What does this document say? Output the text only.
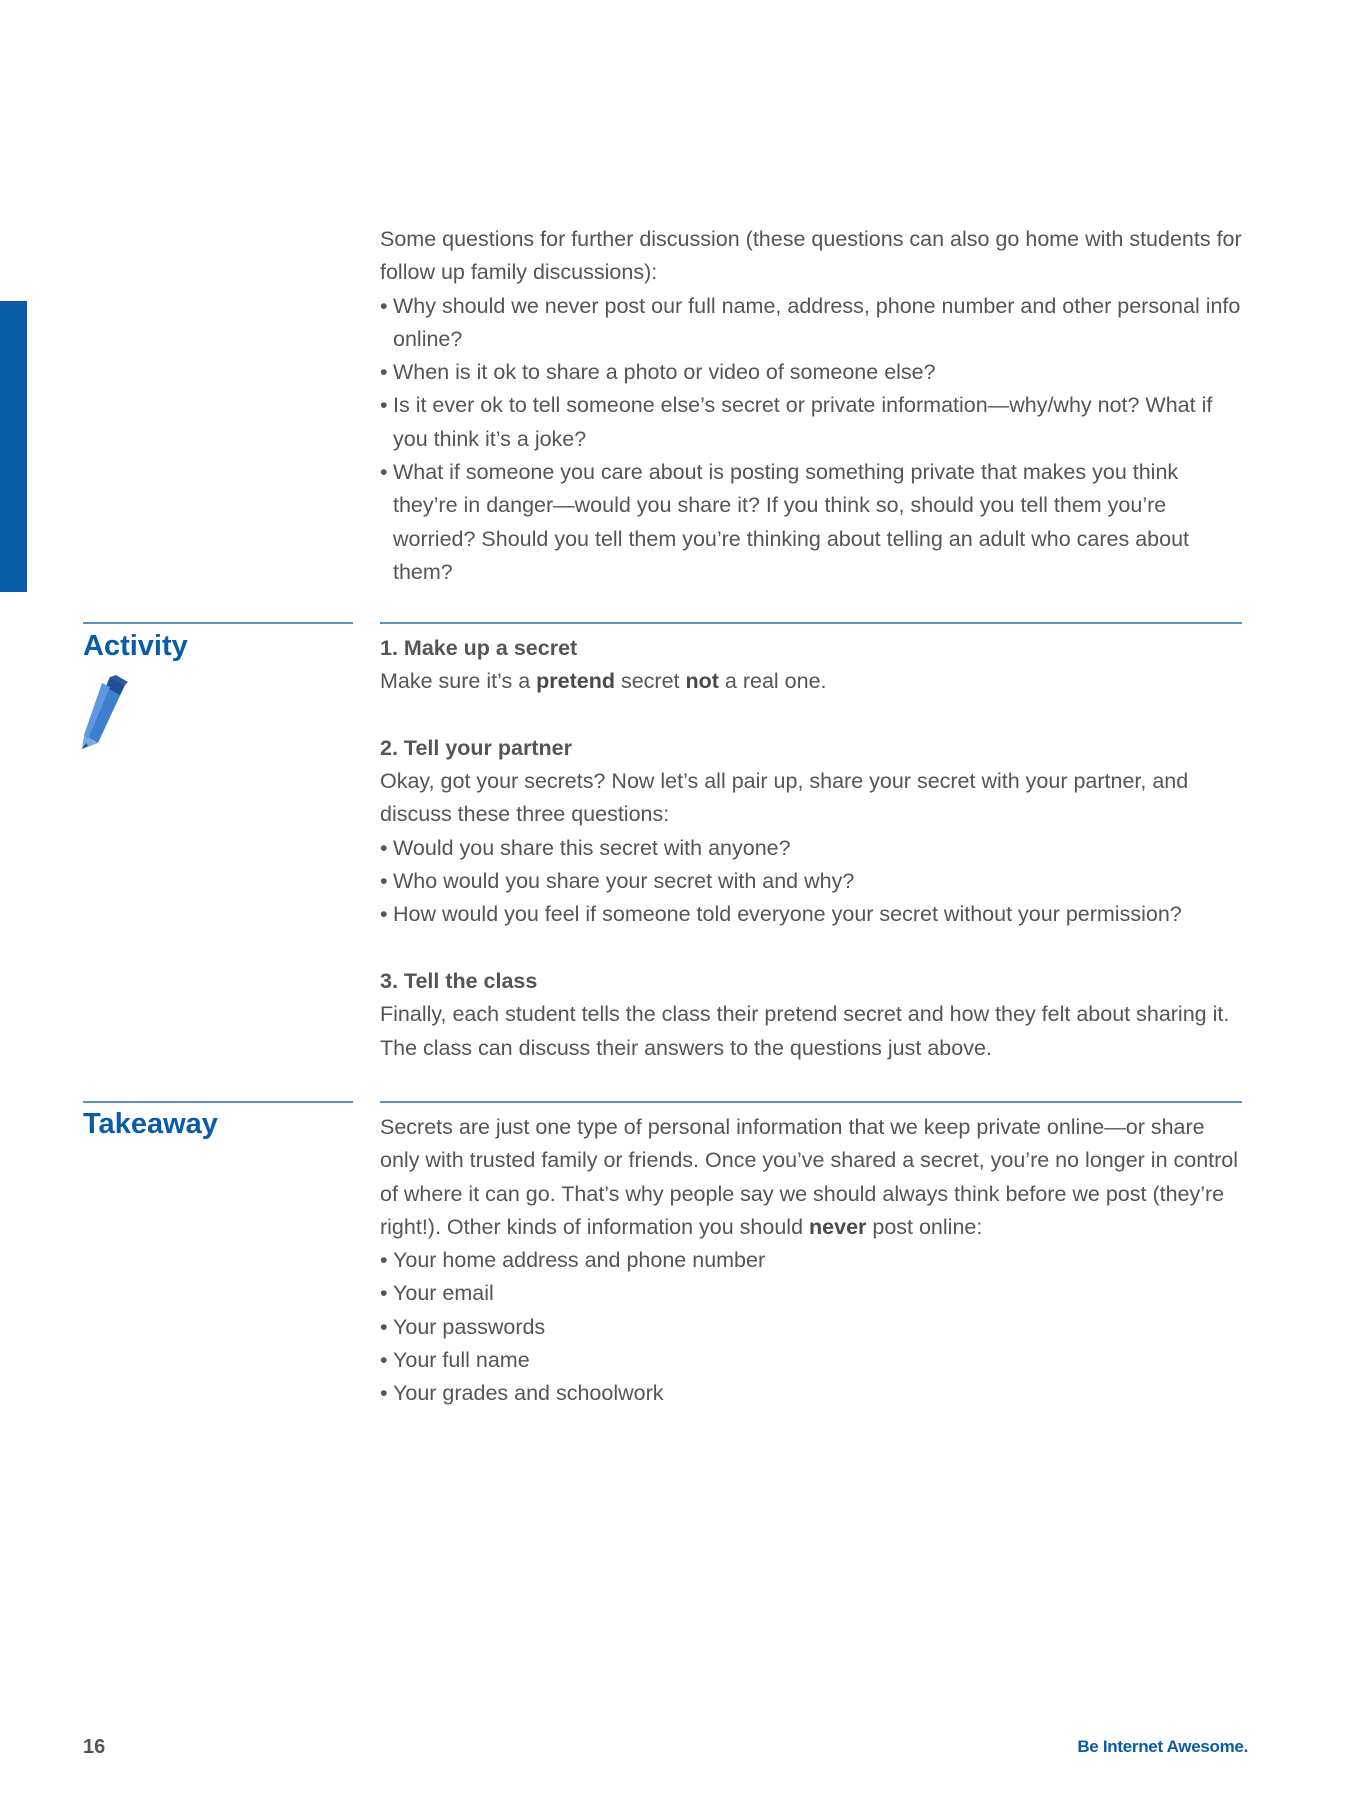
Some questions for further discussion (these questions can also go home with students for follow up family discussions):

• Why should we never post our full name, address, phone number and other personal info online?
• When is it ok to share a photo or video of someone else?
• Is it ever ok to tell someone else’s secret or private information—why/why not? What if you think it’s a joke?
• What if someone you care about is posting something private that makes you think they’re in danger—would you share it? If you think so, should you tell them you’re worried? Should you tell them you’re thinking about telling an adult who cares about them?
Activity	1. Make up a secret

Make sure it’s a pretend secret not a real one.

2. Tell your partner

Okay, got your secrets? Now let’s all pair up, share your secret with your partner, and discuss these three questions:

• Would you share this secret with anyone?
• Who would you share your secret with and why?
• How would you feel if someone told everyone your secret without your permission?

3. Tell the class

Finally, each student tells the class their pretend secret and how they felt about sharing it. The class can discuss their answers to the questions just above.

Takeaway	Secrets are just one type of personal information that we keep private online—or share only with trusted family or friends. Once you’ve shared a secret, you’re no longer in control of where it can go. That’s why people say we should always think before we post (they’re right!). Other kinds of information you should never post online:

• Your home address and phone number
• Your email
• Your passwords
• Your full name
• Your grades and schoolwork
16	Be Internet Awesome.
